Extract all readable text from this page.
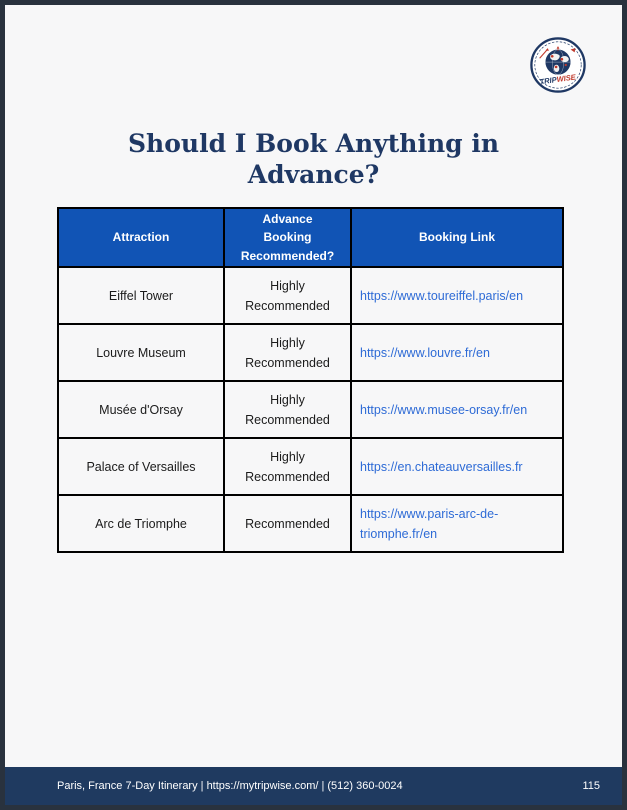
TRIPWISE
Should I Book Anything in
Advance?
Attraction	Advance Booking Recommended?	Booking Link
Eiffel Tower	Highly Recommended	https://www.toureiffel.paris/en
Louvre Museum	Highly Recommended	https://www.louvre.fr/en
Musée d'Orsay	Highly Recommended	https://www.musee-orsay.fr/en
Palace of Versailles	Highly Recommended	https://en.chateauversailles.fr
Arc de Triomphe	Recommended	https://www.paris-arc-de-triomphe.fr/en
Paris, France 7-Day Itinerary | https://mytripwise.com/ | (512) 360-0024	115
